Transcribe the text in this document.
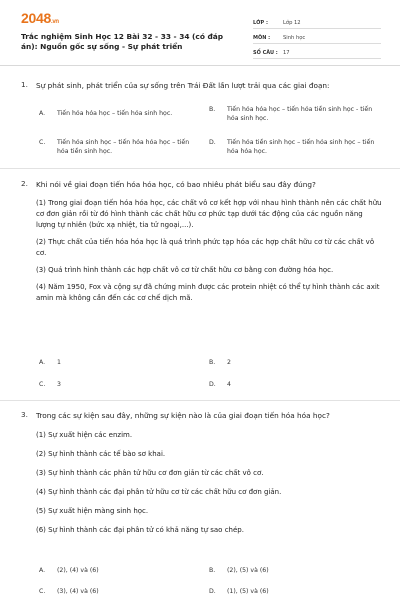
2048.vn
Trắc nghiệm Sinh Học 12 Bài 32 - 33 - 34 (có đáp án): Nguồn gốc sự sống - Sự phát triển
LỚP :	Lớp 12
MÔN :	Sinh học
SỐ CÂU :	17
1. Sự phát sinh, phát triển của sự sống trên Trái Đất lần lượt trải qua các giai đoạn:
A.	Tiến hóa hóa học – tiến hóa sinh học.
B.	Tiến hóa hóa học – tiến hóa tiền sinh học - tiến hóa sinh học.
C.	Tiến hóa sinh học – tiến hóa hóa học – tiến hóa tiền sinh học.
D.	Tiến hóa tiền sinh học – tiến hóa sinh học – tiến hóa hóa học.
2. Khi nói về giai đoạn tiến hóa hóa học, có bao nhiêu phát biểu sau đây đúng?
(1) Trong giai đoạn tiến hóa hóa học, các chất vô cơ kết hợp với nhau hình thành nên các chất hữu cơ đơn giản rồi từ đó hình thành các chất hữu cơ phức tạp dưới tác động của các nguồn năng lượng tự nhiên (bức xạ nhiệt, tia tử ngoại,...).
(2) Thực chất của tiến hóa hóa học là quá trình phức tạp hóa các hợp chất hữu cơ từ các chất vô cơ.
(3) Quá trình hình thành các hợp chất vô cơ từ chất hữu cơ bằng con đường hóa học.
(4) Năm 1950, Fox và cộng sự đã chứng minh được các protein nhiệt có thể tự hình thành các axit amin mà không cần đến các cơ chế dịch mã.
A.	1	B.	2
C.	3	D.	4
3. Trong các sự kiện sau đây, những sự kiện nào là của giai đoạn tiến hóa hóa học?
(1) Sự xuất hiện các enzim.
(2) Sự hình thành các tế bào sơ khai.
(3) Sự hình thành các phân tử hữu cơ đơn giản từ các chất vô cơ.
(4) Sự hình thành các đại phân tử hữu cơ từ các chất hữu cơ đơn giản.
(5) Sự xuất hiện màng sinh học.
(6) Sự hình thành các đại phân tử có khả năng tự sao chép.
A.	(2), (4) và (6)	B.	(2), (5) và (6)
C.	(3), (4) và (6)	D.	(1), (5) và (6)
